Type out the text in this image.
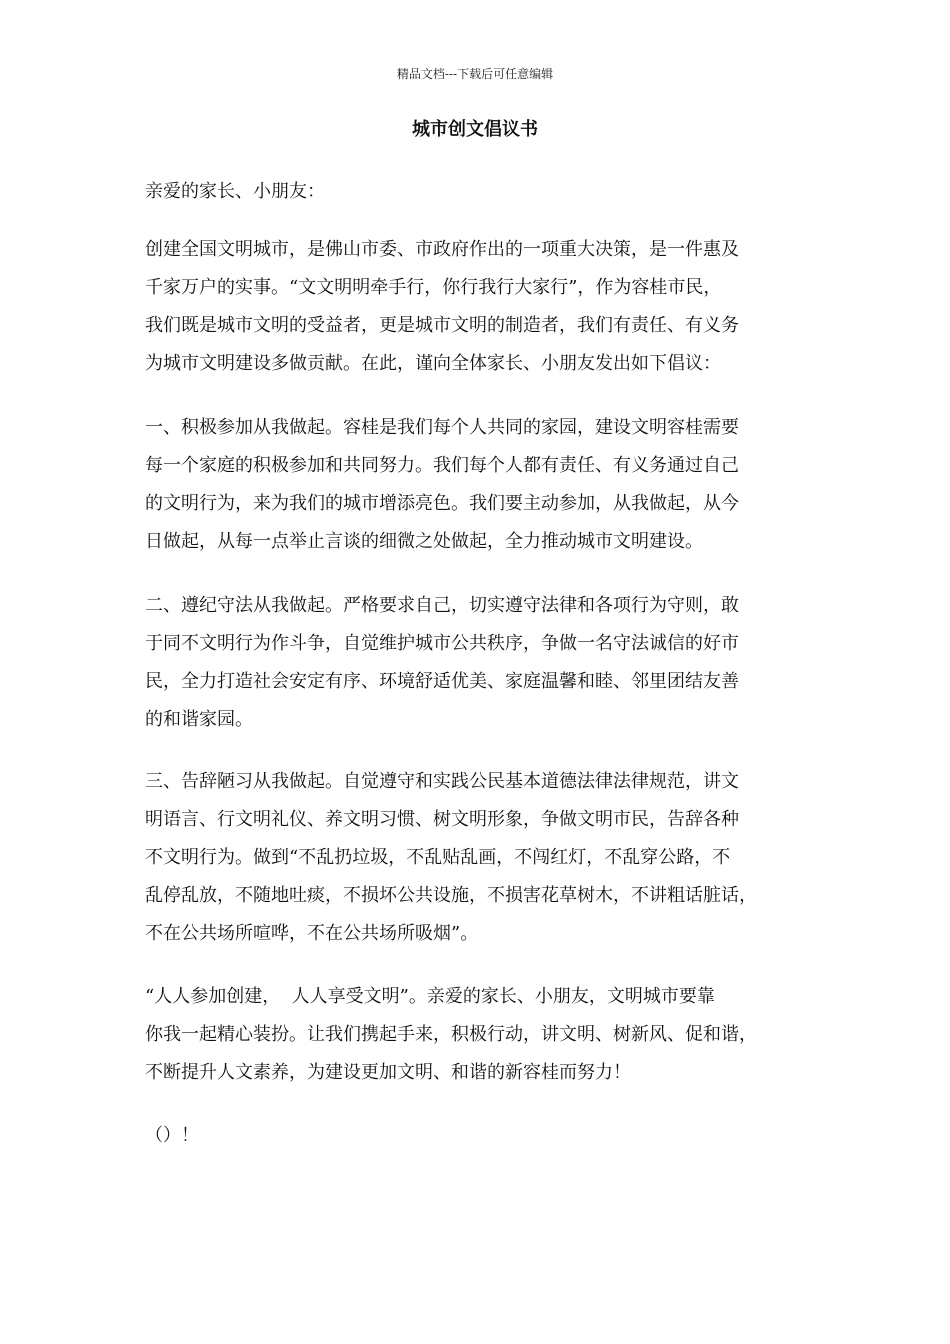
精品文档---下载后可任意编辑
城市创文倡议书

亲爱的家长、小朋友：

创建全国文明城市，是佛山市委、市政府作出的一项重大决策，是一件惠及

千家万户的实事。“文文明明牵手行，你行我行大家行”，作为容桂市民，

我们既是城市文明的受益者，更是城市文明的制造者，我们有责任、有义务

为城市文明建设多做贡献。在此，谨向全体家长、小朋友发出如下倡议：

一、积极参加从我做起。容桂是我们每个人共同的家园，建设文明容桂需要

每一个家庭的积极参加和共同努力。我们每个人都有责任、有义务通过自己

的文明行为，来为我们的城市增添亮色。我们要主动参加，从我做起，从今

日做起，从每一点举止言谈的细微之处做起，全力推动城市文明建设。

二、遵纪守法从我做起。严格要求自己，切实遵守法律和各项行为守则，敢

于同不文明行为作斗争，自觉维护城市公共秩序，争做一名守法诚信的好市

民，全力打造社会安定有序、环境舒适优美、家庭温馨和睦、邻里团结友善

的和谐家园。

三、告辞陋习从我做起。自觉遵守和实践公民基本道德法律法律规范，讲文

明语言、行文明礼仪、养文明习惯、树文明形象，争做文明市民，告辞各种

不文明行为。做到“不乱扔垃圾，不乱贴乱画，不闯红灯，不乱穿公路，不

乱停乱放，不随地吐痰，不损坏公共设施，不损害花草树木，不讲粗话脏话，

不在公共场所喧哗，不在公共场所吸烟”。

“人人参加创建，  人人享受文明”。亲爱的家长、小朋友，文明城市要靠

你我一起精心装扮。让我们携起手来，积极行动，讲文明、树新风、促和谐，

不断提升人文素养，为建设更加文明、和谐的新容桂而努力！

（）！
